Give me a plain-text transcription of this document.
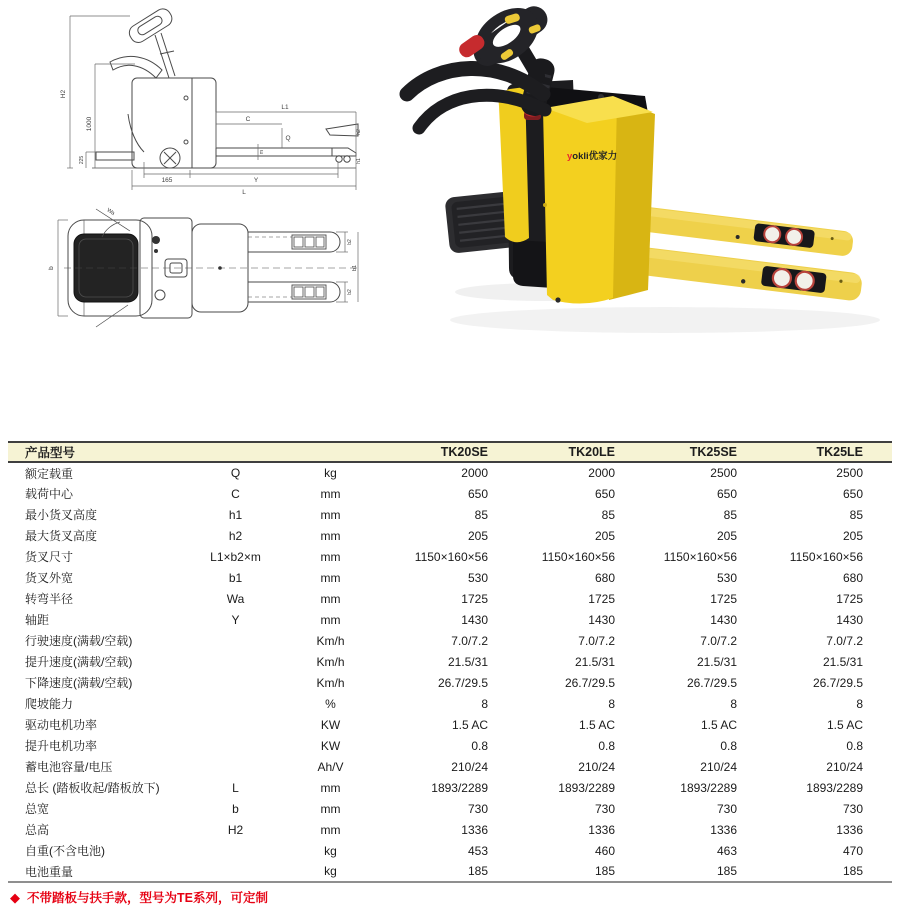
H2
1000
225
L1
C
Q
m
165	Y
L
h2
h1
Wa
b
b2
b2
b1
yokli优家力
产品型号			TK20SE	TK20LE	TK25SE	TK25LE
额定载重	Q	kg	2000	2000	2500	2500
载荷中心	C	mm	650	650	650	650
最小货叉高度	h1	mm	85	85	85	85
最大货叉高度	h2	mm	205	205	205	205
货叉尺寸	L1×b2×m	mm	1150×160×56	1150×160×56	1150×160×56	1150×160×56
货叉外宽	b1	mm	530	680	530	680
转弯半径	Wa	mm	1725	1725	1725	1725
轴距	Y	mm	1430	1430	1430	1430
行驶速度(满载/空载)		Km/h	7.0/7.2	7.0/7.2	7.0/7.2	7.0/7.2
提升速度(满载/空载)		Km/h	21.5/31	21.5/31	21.5/31	21.5/31
下降速度(满载/空载)		Km/h	26.7/29.5	26.7/29.5	26.7/29.5	26.7/29.5
爬坡能力		%	8	8	8	8
驱动电机功率		KW	1.5 AC	1.5 AC	1.5 AC	1.5 AC
提升电机功率		KW	0.8	0.8	0.8	0.8
蓄电池容量/电压		Ah/V	210/24	210/24	210/24	210/24
总长 (踏板收起/踏板放下)	L	mm	1893/2289	1893/2289	1893/2289	1893/2289
总宽	b	mm	730	730	730	730
总高	H2	mm	1336	1336	1336	1336
自重(不含电池)		kg	453	460	463	470
电池重量		kg	185	185	185	185
◆ 不带踏板与扶手款，型号为TE系列，可定制
